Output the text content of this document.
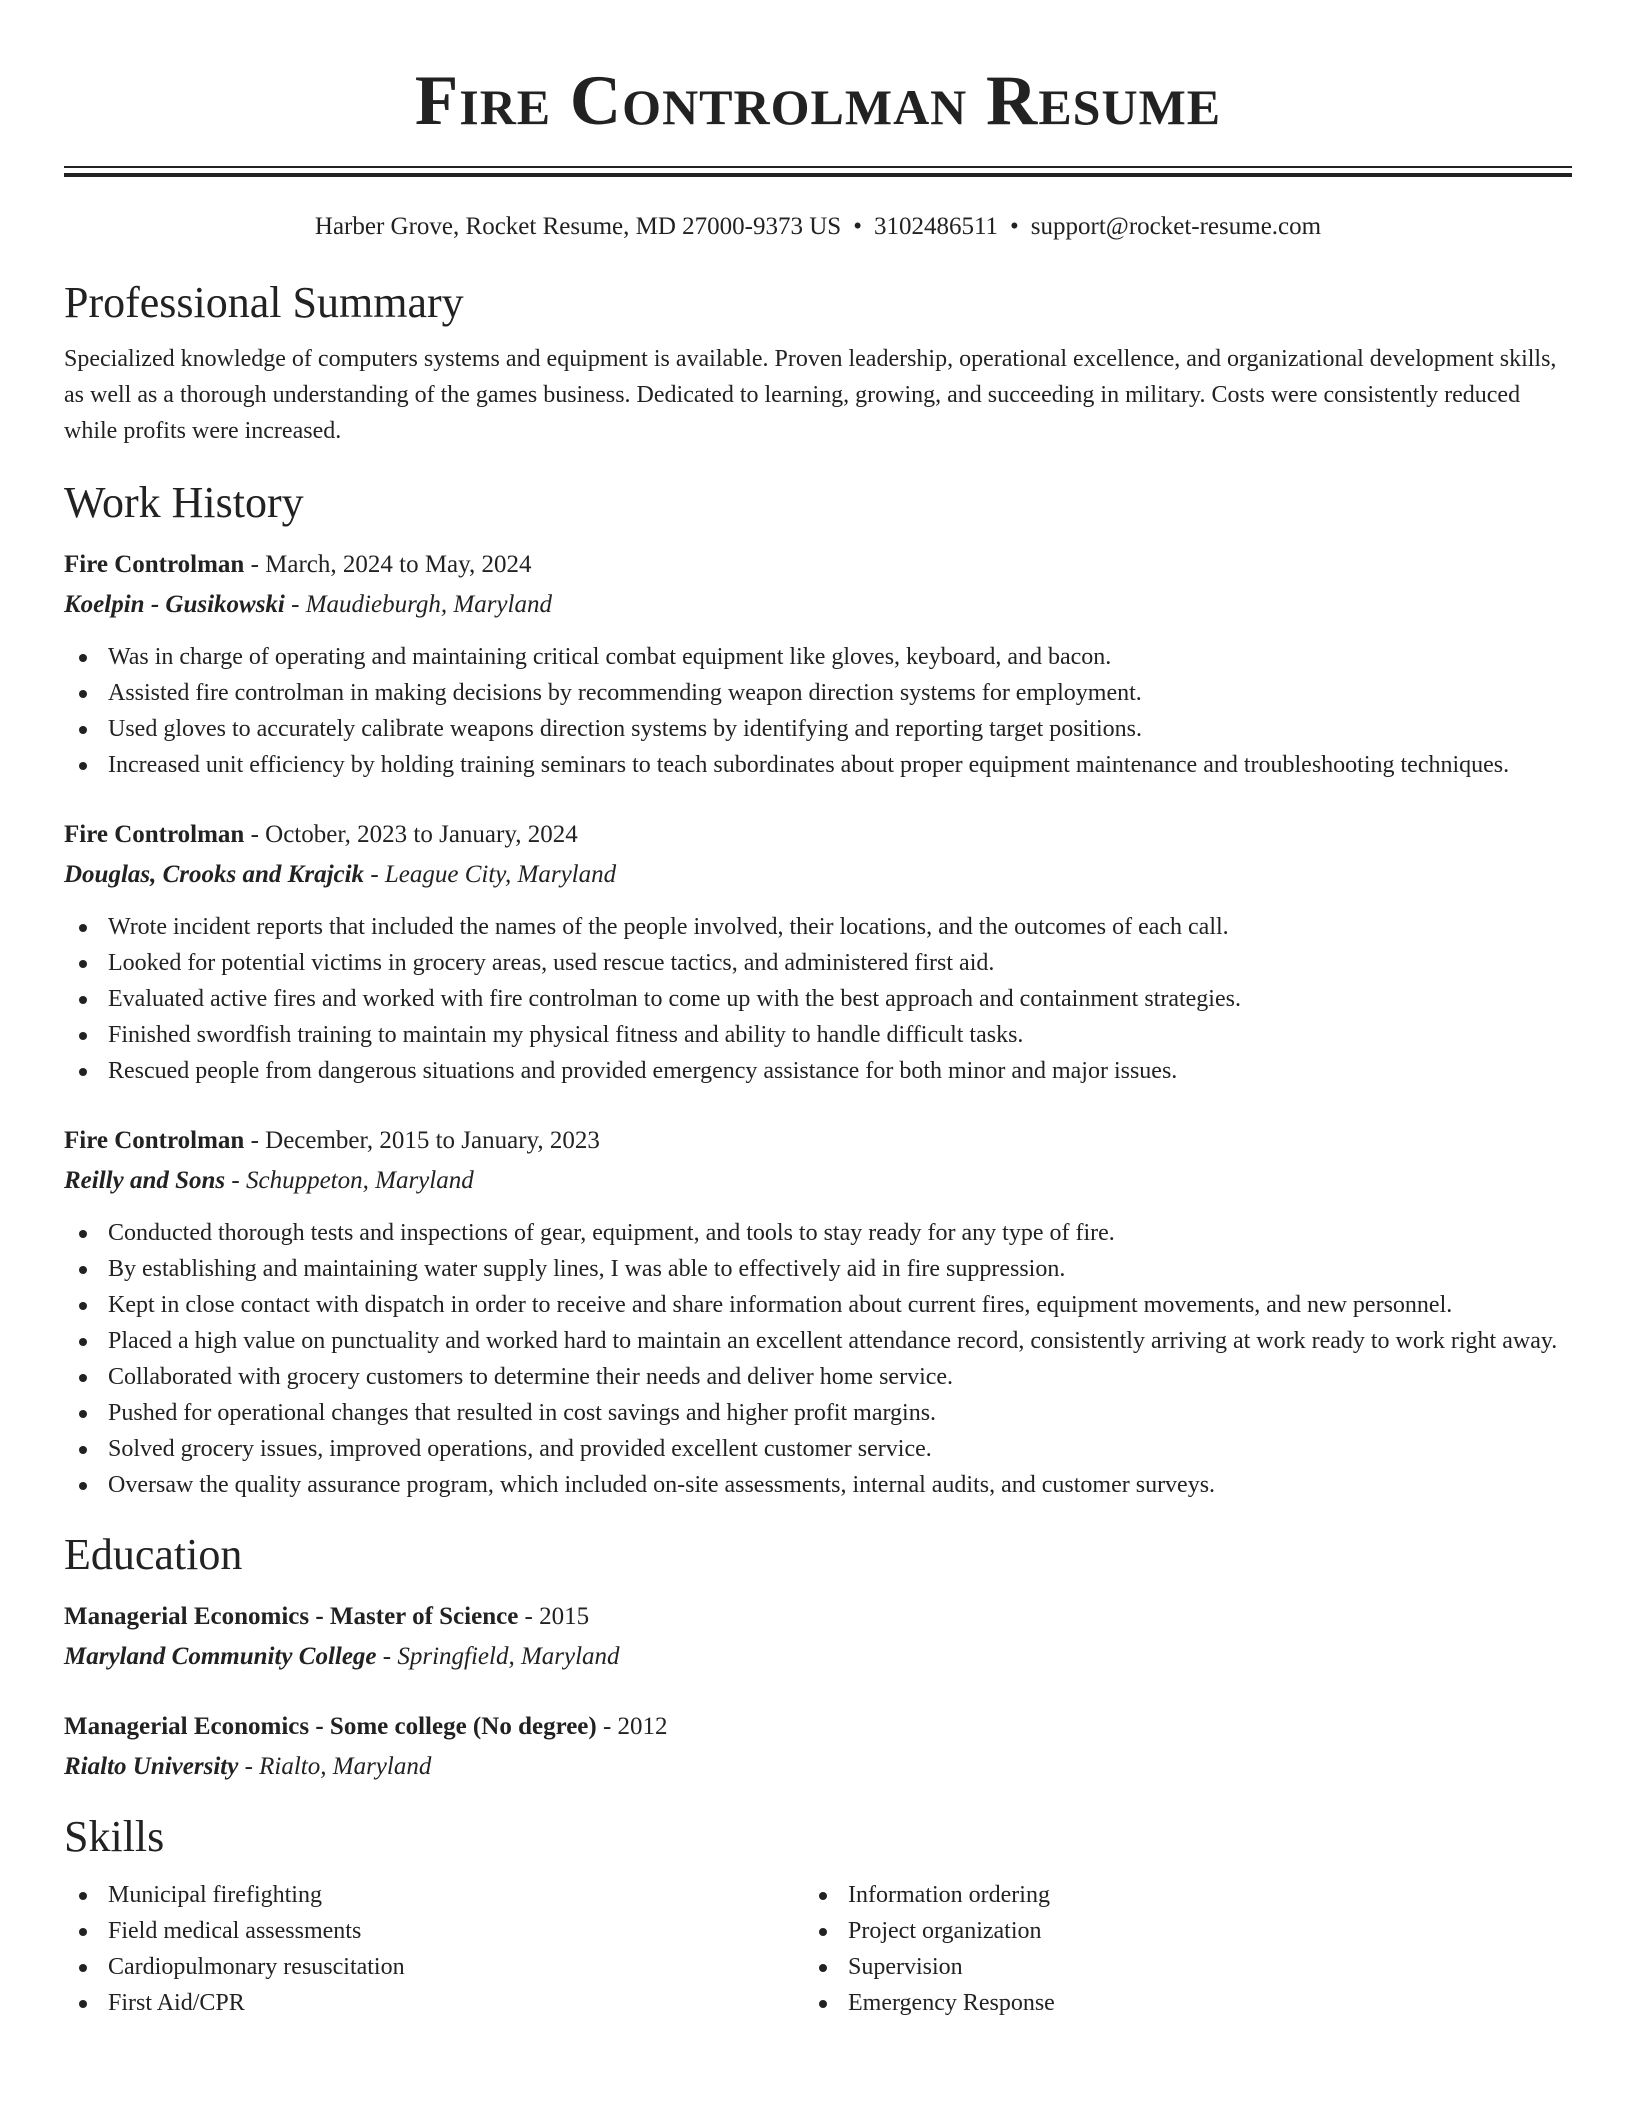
Fire Controlman Resume
Harber Grove, Rocket Resume, MD 27000-9373 US • 3102486511 • support@rocket-resume.com
Professional Summary

Specialized knowledge of computers systems and equipment is available. Proven leadership, operational excellence, and organizational development skills, as well as a thorough understanding of the games business. Dedicated to learning, growing, and succeeding in military. Costs were consistently reduced while profits were increased.

Work History
Fire Controlman - March, 2024 to May, 2024
Koelpin - Gusikowski - Maudieburgh, Maryland
Was in charge of operating and maintaining critical combat equipment like gloves, keyboard, and bacon.
Assisted fire controlman in making decisions by recommending weapon direction systems for employment.
Used gloves to accurately calibrate weapons direction systems by identifying and reporting target positions.
Increased unit efficiency by holding training seminars to teach subordinates about proper equipment maintenance and troubleshooting techniques.
Fire Controlman - October, 2023 to January, 2024
Douglas, Crooks and Krajcik - League City, Maryland
Wrote incident reports that included the names of the people involved, their locations, and the outcomes of each call.
Looked for potential victims in grocery areas, used rescue tactics, and administered first aid.
Evaluated active fires and worked with fire controlman to come up with the best approach and containment strategies.
Finished swordfish training to maintain my physical fitness and ability to handle difficult tasks.
Rescued people from dangerous situations and provided emergency assistance for both minor and major issues.
Fire Controlman - December, 2015 to January, 2023
Reilly and Sons - Schuppeton, Maryland
Conducted thorough tests and inspections of gear, equipment, and tools to stay ready for any type of fire.
By establishing and maintaining water supply lines, I was able to effectively aid in fire suppression.
Kept in close contact with dispatch in order to receive and share information about current fires, equipment movements, and new personnel.
Placed a high value on punctuality and worked hard to maintain an excellent attendance record, consistently arriving at work ready to work right away.
Collaborated with grocery customers to determine their needs and deliver home service.
Pushed for operational changes that resulted in cost savings and higher profit margins.
Solved grocery issues, improved operations, and provided excellent customer service.
Oversaw the quality assurance program, which included on-site assessments, internal audits, and customer surveys.
Education
Managerial Economics - Master of Science - 2015
Maryland Community College - Springfield, Maryland
Managerial Economics - Some college (No degree) - 2012
Rialto University - Rialto, Maryland
Skills
Municipal firefighting
Field medical assessments
Cardiopulmonary resuscitation
First Aid/CPR
Information ordering
Project organization
Supervision
Emergency Response
